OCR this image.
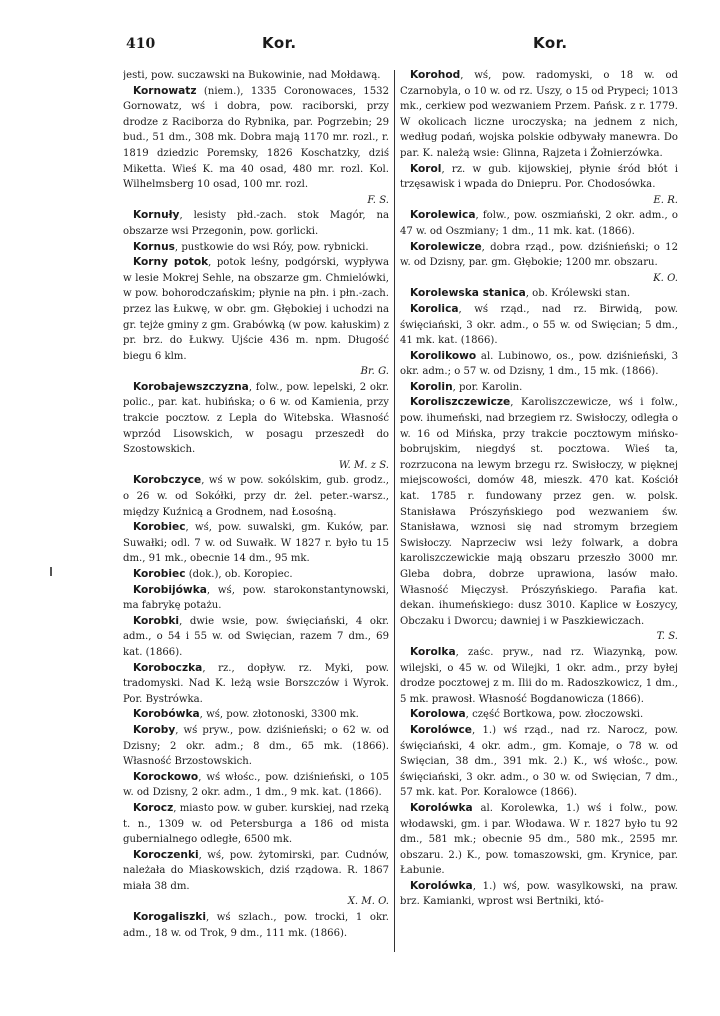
410	Kor.	Kor.

jesti, pow. suczawski na Bukowinie, nad Mołdawą.

Kornowatz (niem.), 1335 Coronowaces, 1532 Gornowatz, wś i dobra, pow. raciborski, przy drodze z Raciborza do Rybnika, par. Pogrzebin; 29 bud., 51 dm., 308 mk. Dobra mają 1170 mr. rozl., r. 1819 dziedzic Poremsky, 1826 Koschatzky, dziś Miketta. Wieś K. ma 40 osad, 480 mr. rozl. Kol. Wilhelmsberg 10 osad, 100 mr. rozl.
F. S.

Kornuły, lesisty płd.-zach. stok Magór, na obszarze wsi Przegonin, pow. gorlicki.

Kornus, pustkowie do wsi Róy, pow. rybnicki.

Korny potok, potok leśny, podgórski, wypływa w lesie Mokrej Sehle, na obszarze gm. Chmielówki, w pow. bohorodczańskim; płynie na płn. i płn.-zach. przez las Łukwę, w obr. gm. Głębokiej i uchodzi na gr. tejże gminy z gm. Grabówką (w pow. kałuskim) z pr. brz. do Łukwy. Ujście 436 m. npm. Długość biegu 6 klm.
Br. G.

Korobajewszczyzna, folw., pow. lepelski, 2 okr. polic., par. kat. hubińska; o 6 w. od Kamienia, przy trakcie pocztow. z Lepla do Witebska. Własność wprzód Lisowskich, w posagu przeszedł do Szostowskich.
W. M. z S.

Korobczyce, wś w pow. sokólskim, gub. grodz., o 26 w. od Sokółki, przy dr. żel. peter.-warsz., między Kuźnicą a Grodnem, nad Łosośną.

Korobiec, wś, pow. suwalski, gm. Kuków, par. Suwałki; odl. 7 w. od Suwałk. W 1827 r. było tu 15 dm., 91 mk., obecnie 14 dm., 95 mk.

Korobiec (dok.), ob. Koropiec.

Korobijówka, wś, pow. starokonstantynowski, ma fabrykę potażu.

Korobki, dwie wsie, pow. święciański, 4 okr. adm., o 54 i 55 w. od Swięcian, razem 7 dm., 69 kat. (1866).

Koroboczka, rz., dopływ. rz. Myki, pow. tradomyski. Nad K. leżą wsie Borszczów i Wyrok. Por. Bystrówka.

Korobówka, wś, pow. złotonoski, 3300 mk.

Koroby, wś pryw., pow. dziśnieński; o 62 w. od Dzisny; 2 okr. adm.; 8 dm., 65 mk. (1866). Własność Brzostowskich.

Korockowo, wś włośc., pow. dziśnieński, o 105 w. od Dzisny, 2 okr. adm., 1 dm., 9 mk. kat. (1866).

Korocz, miasto pow. w guber. kurskiej, nad rzeką t. n., 1309 w. od Petersburga a 186 od mista gubernialnego odległe, 6500 mk.

Koroczenki, wś, pow. żytomirski, par. Cudnów, należała do Miaskowskich, dziś rządowa. R. 1867 miała 38 dm.
X. M. O.

Korogaliszki, wś szlach., pow. trocki, 1 okr. adm., 18 w. od Trok, 9 dm., 111 mk. (1866).

Korohod, wś, pow. radomyski, o 18 w. od Czarnobyla, o 10 w. od rz. Uszy, o 15 od Prypeci; 1013 mk., cerkiew pod wezwaniem Przem. Pańsk. z r. 1779. W okolicach liczne uroczyska; na jednem z nich, według podań, wojska polskie odbywały manewra. Do par. K. należą wsie: Glinna, Rajzeta i Żołnierzówka.

Korol, rz. w gub. kijowskiej, płynie śród błót i trzęsawisk i wpada do Dniepru. Por. Chodosówka.
E. R.

Korolewica, folw., pow. oszmiański, 2 okr. adm., o 47 w. od Oszmiany; 1 dm., 11 mk. kat. (1866).

Korolewicze, dobra rząd., pow. dziśnieński; o 12 w. od Dzisny, par. gm. Głębokie; 1200 mr. obszaru.
K. O.

Korolewska stanica, ob. Królewski stan.

Korolica, wś rząd., nad rz. Birwidą, pow. święciański, 3 okr. adm., o 55 w. od Swięcian; 5 dm., 41 mk. kat. (1866).

Korolikowo al. Lubinowo, os., pow. dziśnieński, 3 okr. adm.; o 57 w. od Dzisny, 1 dm., 15 mk. (1866).

Korolin, por. Karolin.

Koroliszczewicze, Karoliszczewicze, wś i folw., pow. ihumeński, nad brzegiem rz. Swisłoczy, odległa o w. 16 od Mińska, przy trakcie pocztowym mińsko-bobrujskim, niegdyś st. pocztowa. Wieś ta, rozrzucona na lewym brzegu rz. Swisłoczy, w pięknej miejscowości, domów 48, mieszk. 470 kat. Kościół kat. 1785 r. fundowany przez gen. w. polsk. Stanisława Prószyńskiego pod wezwaniem św. Stanisława, wznosi się nad stromym brzegiem Swisłoczy. Naprzeciw wsi leży folwark, a dobra karoliszczewickie mają obszaru przeszło 3000 mr. Gleba dobra, dobrze uprawiona, lasów mało. Własność Mięczysł. Prószyńskiego. Parafia kat. dekan. ihumeńskiego: dusz 3010. Kaplice w Łoszycy, Obczaku i Dworcu; dawniej i w Paszkiewiczach.
T. S.

Korolka, zaśc. pryw., nad rz. Wiazynką, pow. wilejski, o 45 w. od Wilejki, 1 okr. adm., przy byłej drodze pocztowej z m. Ilii do m. Radoszkowicz, 1 dm., 5 mk. prawosł. Własność Bogdanowicza (1866).

Korolowa, część Bortkowa, pow. złoczowski.

Korolówce, 1.) wś rząd., nad rz. Narocz, pow. święciański, 4 okr. adm., gm. Komaje, o 78 w. od Swięcian, 38 dm., 391 mk. 2.) K., wś włośc., pow. święciański, 3 okr. adm., o 30 w. od Swięcian, 7 dm., 57 mk. kat. Por. Koralowce (1866).

Korolówka al. Korolewka, 1.) wś i folw., pow. włodawski, gm. i par. Włodawa. W r. 1827 było tu 92 dm., 581 mk.; obecnie 95 dm., 580 mk., 2595 mr. obszaru. 2.) K., pow. tomaszowski, gm. Krynice, par. Łabunie.

Korolówka, 1.) wś, pow. wasylkowski, na praw. brz. Kamianki, wprost wsi Bertniki, któ-
